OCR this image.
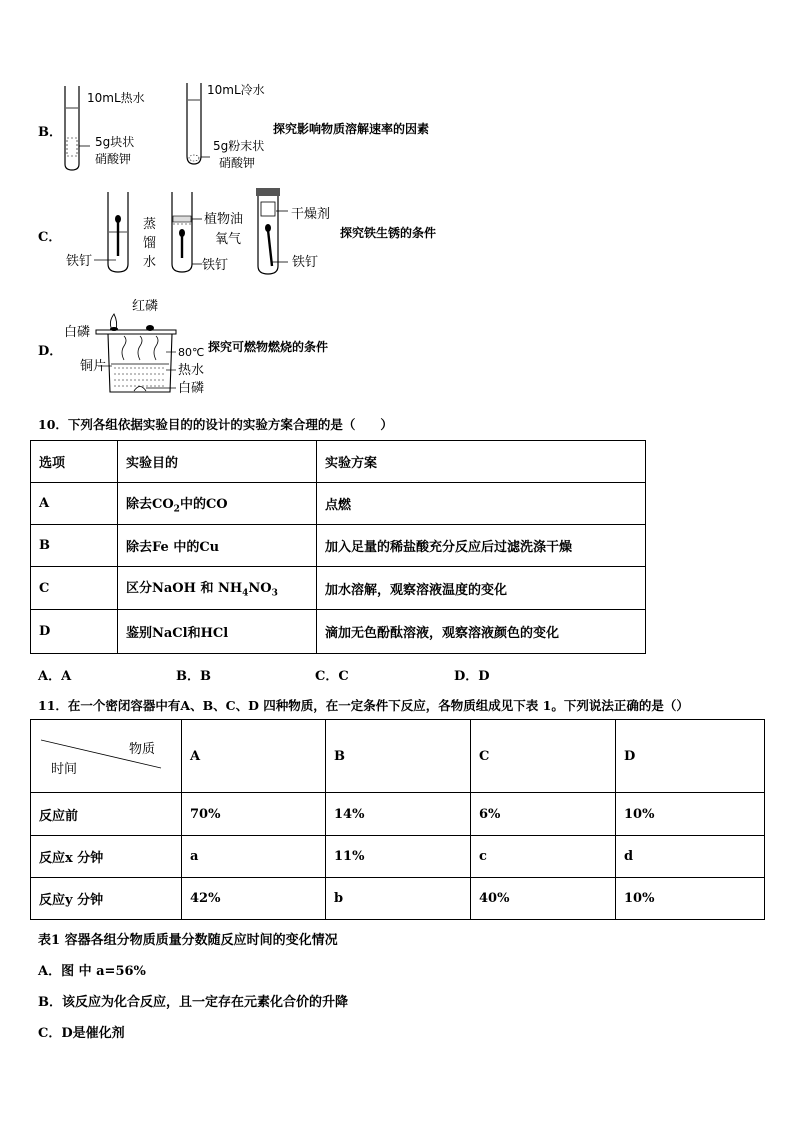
B．
10mL热水
5g块状
硝酸钾
10mL冷水
5g粉末状
硝酸钾
探究影响物质溶解速率的因素
C．
铁钉
蒸
馏
水
植物油
铁钉
干燥剂
氧气
铁钉
探究铁生锈的条件
D．
红磷
白磷
铜片
80℃
热水
白磷
探究可燃物燃烧的条件
10．下列各组依据实验目的的设计的实验方案合理的是（　　）
选项	实验目的	实验方案
A	除去$CO_2$中的CO	点燃
B	除去Fe 中的Cu	加入足量的稀盐酸充分反应后过滤洗涤干燥
C	区分NaOH 和 $NH_4NO_3$	加水溶解，观察溶液温度的变化
D	鉴别NaCl和HCl	滴加无色酚酞溶液，观察溶液颜色的变化
A．A	B．B	C．C	D．D
11．在一个密闭容器中有A、B、C、D 四种物质，在一定条件下反应，各物质组成见下表 1。下列说法正确的是（）
物质
时间	A	B	C	D
反应前	70%	14%	6%	10%
反应x 分钟	a	11%	c	d
反应y 分钟	42%	b	40%	10%
表1 容器各组分物质质量分数随反应时间的变化情况
A．图 中 a=56%
B．该反应为化合反应，且一定存在元素化合价的升降
C．D是催化剂
